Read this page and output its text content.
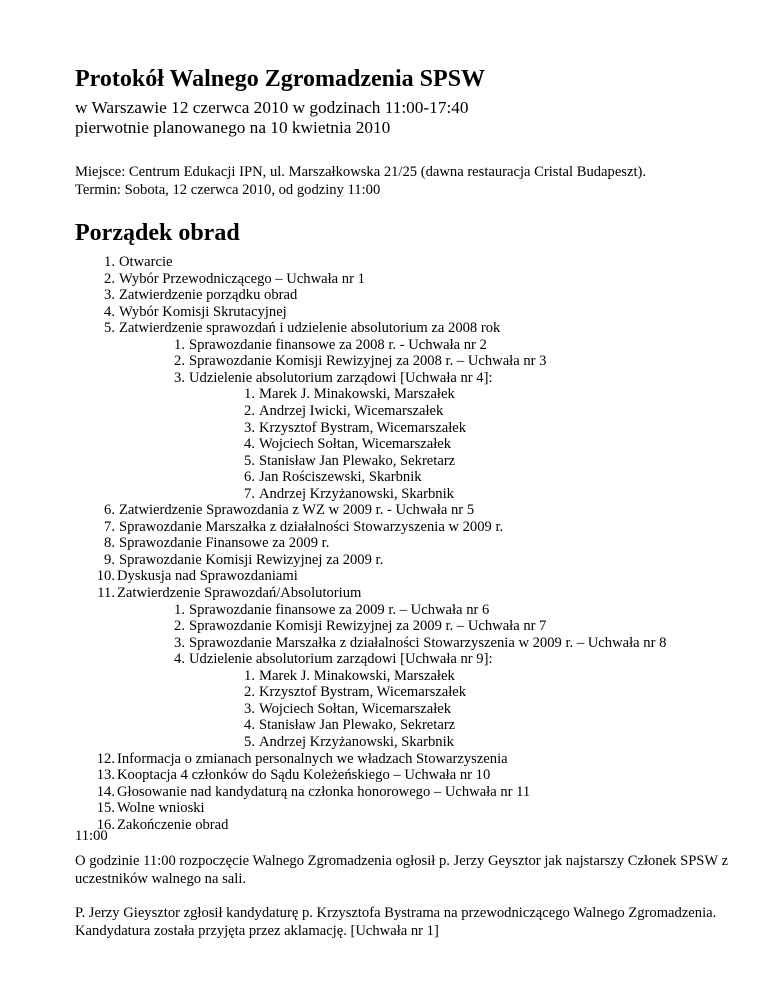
Protokół Walnego Zgromadzenia SPSW

w Warszawie 12 czerwca 2010 w godzinach 11:00-17:40

pierwotnie planowanego na 10 kwietnia 2010

Miejsce: Centrum Edukacji IPN, ul. Marszałkowska 21/25 (dawna restauracja Cristal Budapeszt).

Termin: Sobota, 12 czerwca 2010, od godziny 11:00

Porządek obrad
1. Otwarcie
2. Wybór Przewodniczącego – Uchwała nr 1
3. Zatwierdzenie porządku obrad
4. Wybór Komisji Skrutacyjnej
5. Zatwierdzenie sprawozdań i udzielenie absolutorium za 2008 rok
1. Sprawozdanie finansowe za 2008 r. - Uchwała nr 2
2. Sprawozdanie Komisji Rewizyjnej za 2008 r. – Uchwała nr 3
3. Udzielenie absolutorium zarządowi [Uchwała nr 4]:
1. Marek J. Minakowski, Marszałek
2. Andrzej Iwicki, Wicemarszałek
3. Krzysztof Bystram, Wicemarszałek
4. Wojciech Sołtan, Wicemarszałek
5. Stanisław Jan Plewako, Sekretarz
6. Jan Rościszewski, Skarbnik
7. Andrzej Krzyżanowski, Skarbnik
6. Zatwierdzenie Sprawozdania z WZ w 2009 r. - Uchwała nr 5
7. Sprawozdanie Marszałka z działalności Stowarzyszenia w 2009 r.
8. Sprawozdanie Finansowe za 2009 r.
9. Sprawozdanie Komisji Rewizyjnej za 2009 r.
10. Dyskusja nad Sprawozdaniami
11. Zatwierdzenie Sprawozdań/Absolutorium
1. Sprawozdanie finansowe za 2009 r. – Uchwała nr 6
2. Sprawozdanie Komisji Rewizyjnej za 2009 r. – Uchwała nr 7
3. Sprawozdanie Marszałka z działalności Stowarzyszenia w 2009 r. – Uchwała nr 8
4. Udzielenie absolutorium zarządowi [Uchwała nr 9]:
1. Marek J. Minakowski, Marszałek
2. Krzysztof Bystram, Wicemarszałek
3. Wojciech Sołtan, Wicemarszałek
4. Stanisław Jan Plewako, Sekretarz
5. Andrzej Krzyżanowski, Skarbnik
12. Informacja o zmianach personalnych we władzach Stowarzyszenia
13. Kooptacja 4 członków do Sądu Koleżeńskiego – Uchwała nr 10
14. Głosowanie nad kandydaturą na członka honorowego – Uchwała nr 11
15. Wolne wnioski
16. Zakończenie obrad

11:00

O godzinie 11:00 rozpoczęcie Walnego Zgromadzenia ogłosił p. Jerzy Geysztor jak najstarszy Członek SPSW z uczestników walnego na sali.

P. Jerzy Gieysztor zgłosił kandydaturę p. Krzysztofa Bystrama na przewodniczącego Walnego Zgromadzenia. Kandydatura została przyjęta przez aklamację. [Uchwała nr 1]
